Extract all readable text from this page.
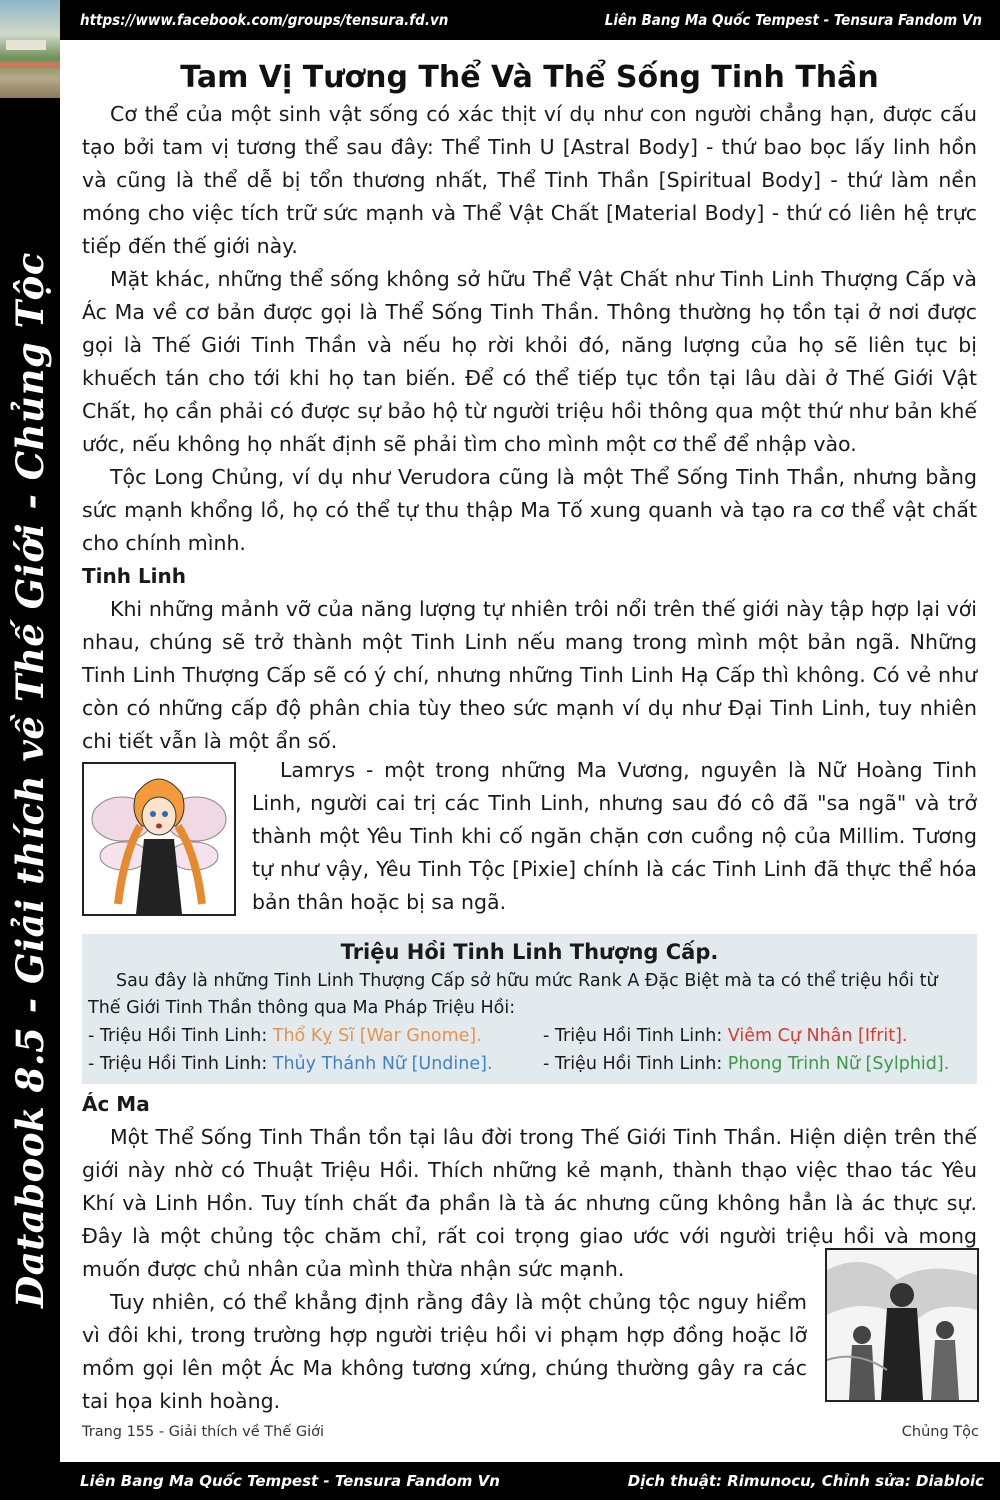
Databook 8.5 - Giải thích về Thế Giới - Chủng Tộc
https://www.facebook.com/groups/tensura.fd.vn	Liên Bang Ma Quốc Tempest - Tensura Fandom Vn
Tam Vị Tương Thể Và Thể Sống Tinh Thần

Cơ thể của một sinh vật sống có xác thịt ví dụ như con người chẳng hạn, được cấu tạo bởi tam vị tương thể sau đây: Thể Tinh U [Astral Body] - thứ bao bọc lấy linh hồn và cũng là thể dễ bị tổn thương nhất, Thể Tinh Thần [Spiritual Body] - thứ làm nền móng cho việc tích trữ sức mạnh và Thể Vật Chất [Material Body] - thứ có liên hệ trực tiếp đến thế giới này.

Mặt khác, những thể sống không sở hữu Thể Vật Chất như Tinh Linh Thượng Cấp và Ác Ma về cơ bản được gọi là Thể Sống Tinh Thần. Thông thường họ tồn tại ở nơi được gọi là Thế Giới Tinh Thần và nếu họ rời khỏi đó, năng lượng của họ sẽ liên tục bị khuếch tán cho tới khi họ tan biến. Để có thể tiếp tục tồn tại lâu dài ở Thế Giới Vật Chất, họ cần phải có được sự bảo hộ từ người triệu hồi thông qua một thứ như bản khế ước, nếu không họ nhất định sẽ phải tìm cho mình một cơ thể để nhập vào.

Tộc Long Chủng, ví dụ như Verudora cũng là một Thể Sống Tinh Thần, nhưng bằng sức mạnh khổng lồ, họ có thể tự thu thập Ma Tố xung quanh và tạo ra cơ thể vật chất cho chính mình.

Tinh Linh

Khi những mảnh vỡ của năng lượng tự nhiên trôi nổi trên thế giới này tập hợp lại với nhau, chúng sẽ trở thành một Tinh Linh nếu mang trong mình một bản ngã. Những Tinh Linh Thượng Cấp sẽ có ý chí, nhưng những Tinh Linh Hạ Cấp thì không. Có vẻ như còn có những cấp độ phân chia tùy theo sức mạnh ví dụ như Đại Tinh Linh, tuy nhiên chi tiết vẫn là một ẩn số.

Lamrys - một trong những Ma Vương, nguyên là Nữ Hoàng Tinh Linh, người cai trị các Tinh Linh, nhưng sau đó cô đã "sa ngã" và trở thành một Yêu Tinh khi cố ngăn chặn cơn cuồng nộ của Millim. Tương tự như vậy, Yêu Tinh Tộc [Pixie] chính là các Tinh Linh đã thực thể hóa bản thân hoặc bị sa ngã.

Triệu Hồi Tinh Linh Thượng Cấp.

Sau đây là những Tinh Linh Thượng Cấp sở hữu mức Rank A Đặc Biệt mà ta có thể triệu hồi từ Thế Giới Tinh Thần thông qua Ma Pháp Triệu Hồi:

- Triệu Hồi Tinh Linh: Thổ Kỵ Sĩ [War Gnome].	- Triệu Hồi Tinh Linh: Viêm Cự Nhân [Ifrit].
- Triệu Hồi Tinh Linh: Thủy Thánh Nữ [Undine].	- Triệu Hồi Tinh Linh: Phong Trinh Nữ [Sylphid].
Ác Ma

Một Thể Sống Tinh Thần tồn tại lâu đời trong Thế Giới Tinh Thần. Hiện diện trên thế giới này nhờ có Thuật Triệu Hồi. Thích những kẻ mạnh, thành thạo việc thao tác Yêu Khí và Linh Hồn. Tuy tính chất đa phần là tà ác nhưng cũng không hẳn là ác thực sự. Đây là một chủng tộc chăm chỉ, rất coi trọng giao ước với người triệu hồi và mong muốn được chủ nhân của mình thừa nhận sức mạnh.

Tuy nhiên, có thể khẳng định rằng đây là một chủng tộc nguy hiểm vì đôi khi, trong trường hợp người triệu hồi vi phạm hợp đồng hoặc lỡ mồm gọi lên một Ác Ma không tương xứng, chúng thường gây ra các tai họa kinh hoàng.

Trang 155 - Giải thích về Thế Giới	Chủng Tộc
Liên Bang Ma Quốc Tempest - Tensura Fandom Vn	Dịch thuật: Rimunocu, Chỉnh sửa: Diabloic
